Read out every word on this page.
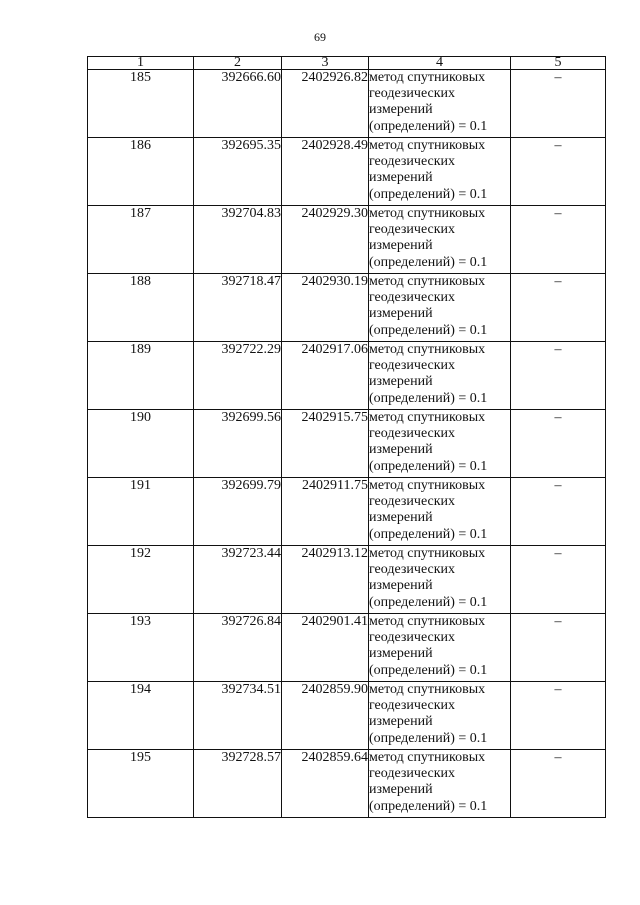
69
1	2	3	4	5
185	392666.60	2402926.82	метод спутниковых геодезических измерений (определений) = 0.1	–
186	392695.35	2402928.49	метод спутниковых геодезических измерений (определений) = 0.1	–
187	392704.83	2402929.30	метод спутниковых геодезических измерений (определений) = 0.1	–
188	392718.47	2402930.19	метод спутниковых геодезических измерений (определений) = 0.1	–
189	392722.29	2402917.06	метод спутниковых геодезических измерений (определений) = 0.1	–
190	392699.56	2402915.75	метод спутниковых геодезических измерений (определений) = 0.1	–
191	392699.79	2402911.75	метод спутниковых геодезических измерений (определений) = 0.1	–
192	392723.44	2402913.12	метод спутниковых геодезических измерений (определений) = 0.1	–
193	392726.84	2402901.41	метод спутниковых геодезических измерений (определений) = 0.1	–
194	392734.51	2402859.90	метод спутниковых геодезических измерений (определений) = 0.1	–
195	392728.57	2402859.64	метод спутниковых геодезических измерений (определений) = 0.1	–
